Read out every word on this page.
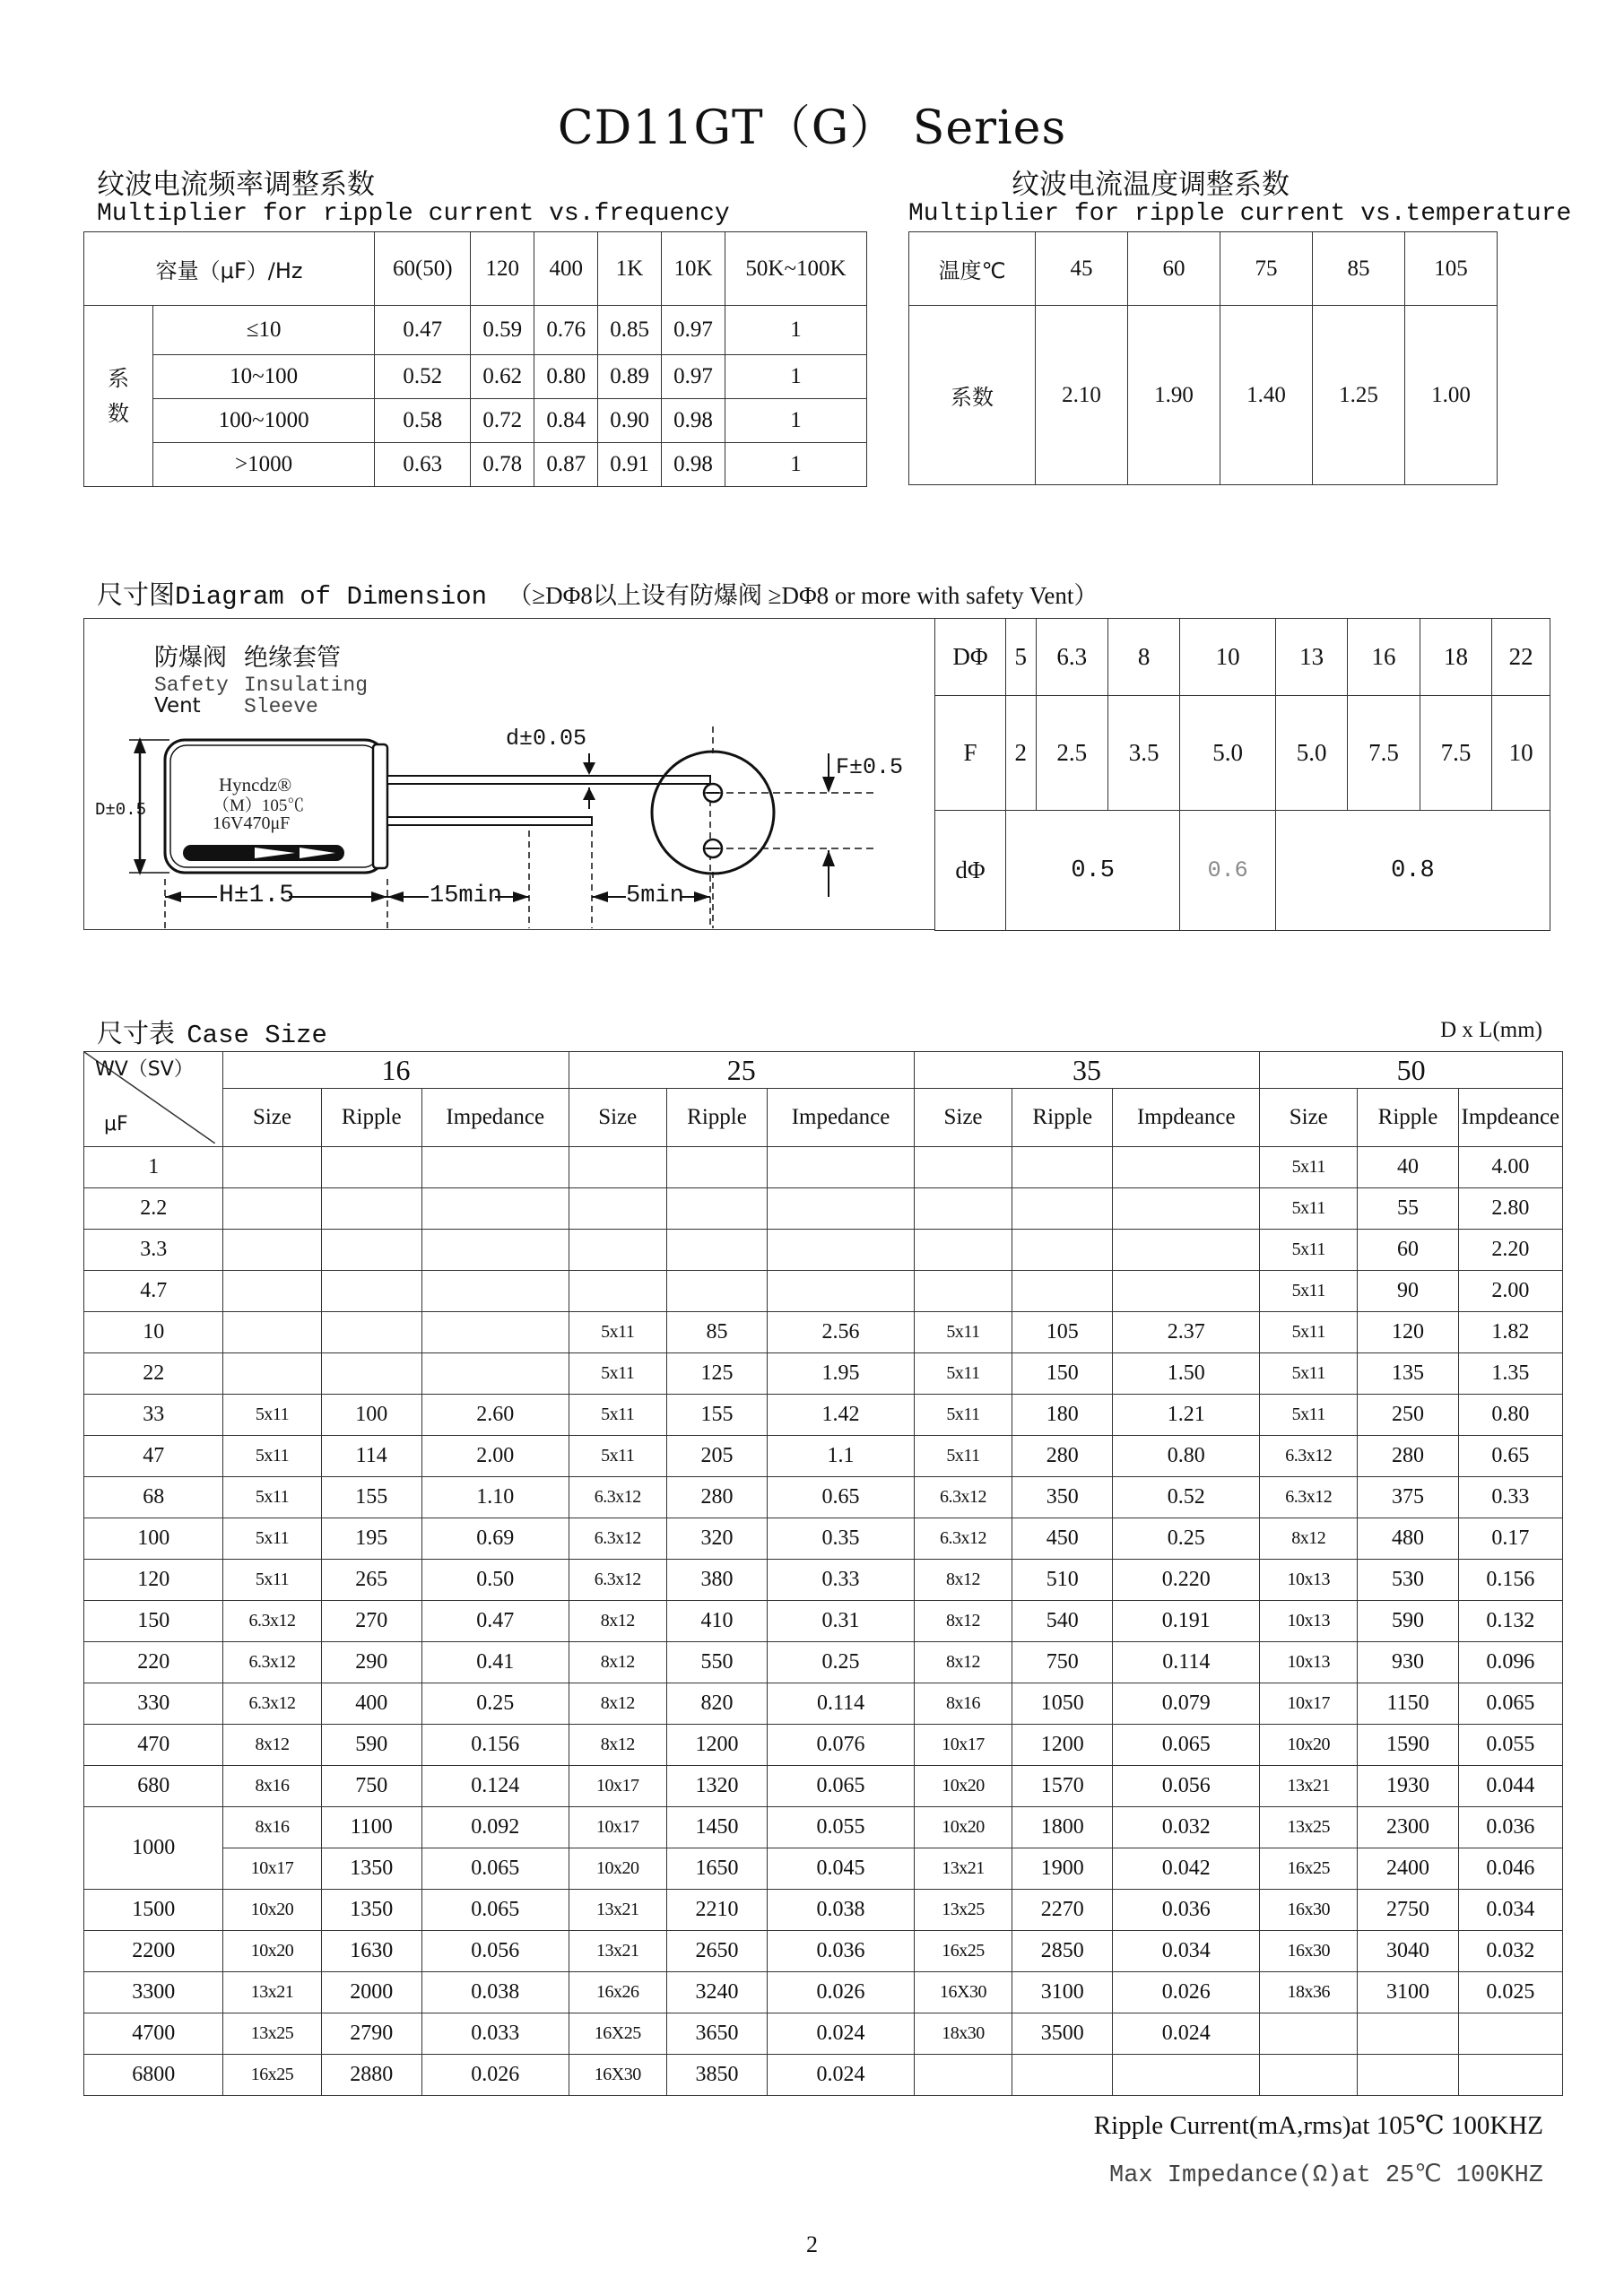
CD11GT（G） Series
纹波电流频率调整系数
Multiplier for ripple current vs.frequency
纹波电流温度调整系数
Multiplier for ripple current vs.temperature
容量（μF）/Hz		60(50)	120	400	1K	10K	50K~100K
系
数	≤10	0.47	0.59	0.76	0.85	0.97	1
	10~100	0.52	0.62	0.80	0.89	0.97	1
	100~1000	0.58	0.72	0.84	0.90	0.98	1
	>1000	0.63	0.78	0.87	0.91	0.98	1
温度℃	45	60	75	85	105
系数	2.10	1.90	1.40	1.25	1.00
尺寸图Diagram of Dimension （≥DΦ8以上设有防爆阀 ≥DΦ8 or more with safety Vent）
D±0.5
H±1.5	15min	5min
d±0.05
防爆阀
Safety
Vent
绝缘套管
Insulating
Sleeve
Hyncdz®
（M）105℃
16V470μF
F±0.5
DΦ	5	6.3	8	10	13	16	18	22
F	2	2.5	3.5	5.0	5.0	7.5	7.5	10
dΦ	0.5			0.6	0.8			
尺寸表 Case Size	D x L(mm)
WV（SV）
μF	16			25			35			50		
	Size	Ripple	Impedance	Size	Ripple	Impedance	Size	Ripple	Impdeance	Size	Ripple	Impdeance
1										5x11	40	4.00
2.2										5x11	55	2.80
3.3										5x11	60	2.20
4.7										5x11	90	2.00
10				5x11	85	2.56	5x11	105	2.37	5x11	120	1.82
22				5x11	125	1.95	5x11	150	1.50	5x11	135	1.35
33	5x11	100	2.60	5x11	155	1.42	5x11	180	1.21	5x11	250	0.80
47	5x11	114	2.00	5x11	205	1.1	5x11	280	0.80	6.3x12	280	0.65
68	5x11	155	1.10	6.3x12	280	0.65	6.3x12	350	0.52	6.3x12	375	0.33
100	5x11	195	0.69	6.3x12	320	0.35	6.3x12	450	0.25	8x12	480	0.17
120	5x11	265	0.50	6.3x12	380	0.33	8x12	510	0.220	10x13	530	0.156
150	6.3x12	270	0.47	8x12	410	0.31	8x12	540	0.191	10x13	590	0.132
220	6.3x12	290	0.41	8x12	550	0.25	8x12	750	0.114	10x13	930	0.096
330	6.3x12	400	0.25	8x12	820	0.114	8x16	1050	0.079	10x17	1150	0.065
470	8x12	590	0.156	8x12	1200	0.076	10x17	1200	0.065	10x20	1590	0.055
680	8x16	750	0.124	10x17	1320	0.065	10x20	1570	0.056	13x21	1930	0.044
1000	8x16	1100	0.092	10x17	1450	0.055	10x20	1800	0.032	13x25	2300	0.036
	10x17	1350	0.065	10x20	1650	0.045	13x21	1900	0.042	16x25	2400	0.046
1500	10x20	1350	0.065	13x21	2210	0.038	13x25	2270	0.036	16x30	2750	0.034
2200	10x20	1630	0.056	13x21	2650	0.036	16x25	2850	0.034	16x30	3040	0.032
3300	13x21	2000	0.038	16x26	3240	0.026	16X30	3100	0.026	18x36	3100	0.025
4700	13x25	2790	0.033	16X25	3650	0.024	18x30	3500	0.024			
6800	16x25	2880	0.026	16X30	3850	0.024						
Ripple Current(mA,rms)at 105℃ 100KHZ
Max Impedance(Ω)at 25℃ 100KHZ
2
